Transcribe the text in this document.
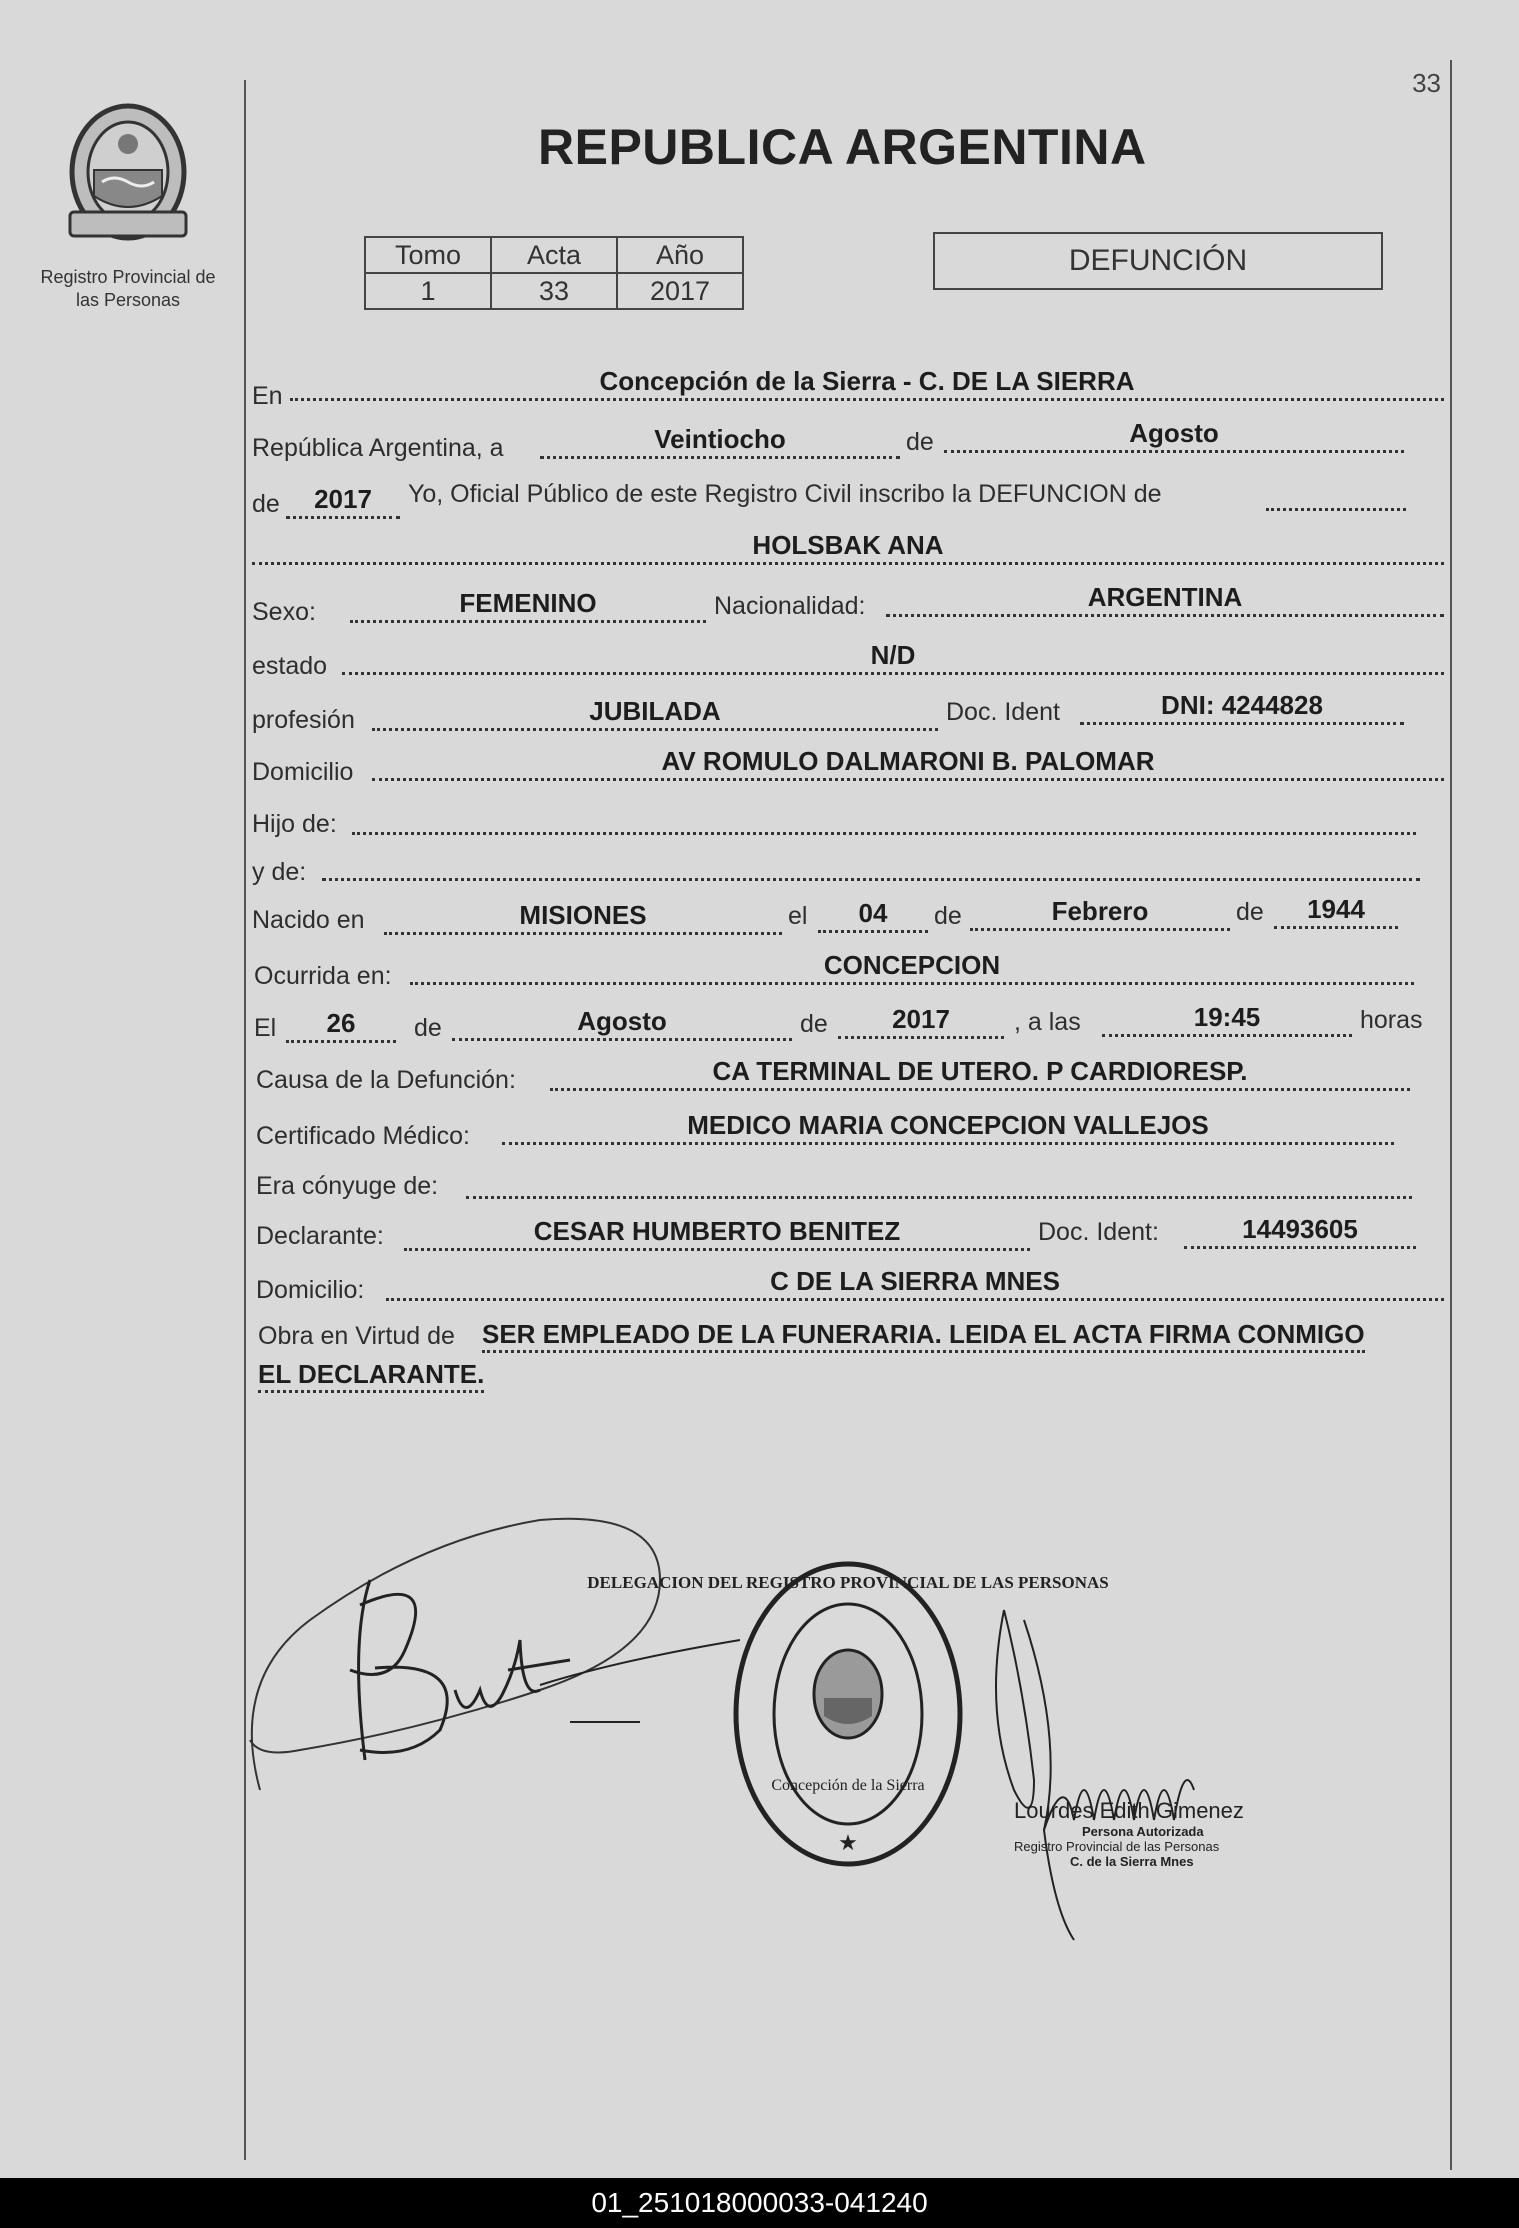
33
Registro Provincial de
las Personas
REPUBLICA ARGENTINA
Tomo	Acta	Año
1	33	2017
DEFUNCIÓN
En	Concepción de la Sierra - C. DE LA SIERRA
República Argentina, a	Veintiocho	de	Agosto
de	2017	Yo, Oficial Público de este Registro Civil inscribo la DEFUNCION de
HOLSBAK ANA
Sexo:	FEMENINO	Nacionalidad:	ARGENTINA
estado	N/D
profesión	JUBILADA	Doc. Ident	DNI: 4244828
Domicilio	AV ROMULO DALMARONI B. PALOMAR
Hijo de:
y de:
Nacido en	MISIONES	el	04	de	Febrero	de	1944
Ocurrida en:	CONCEPCION
El	26	de	Agosto	de	2017	, a las	19:45	horas
Causa de la Defunción:	CA TERMINAL DE UTERO. P CARDIORESP.
Certificado Médico:	MEDICO MARIA CONCEPCION VALLEJOS
Era cónyuge de:
Declarante:	CESAR HUMBERTO BENITEZ	Doc. Ident:	14493605
Domicilio:	C DE LA SIERRA MNES
Obra en Virtud de SER EMPLEADO DE LA FUNERARIA. LEIDA EL ACTA FIRMA CONMIGO
EL DECLARANTE.
DELEGACION DEL REGISTRO PROVINCIAL DE LAS PERSONAS
Concepción de la Sierra
★
Lourdes Edith Gimenez
Persona Autorizada
Registro Provincial de las Personas
C. de la Sierra Mnes
01_251018000033-041240
